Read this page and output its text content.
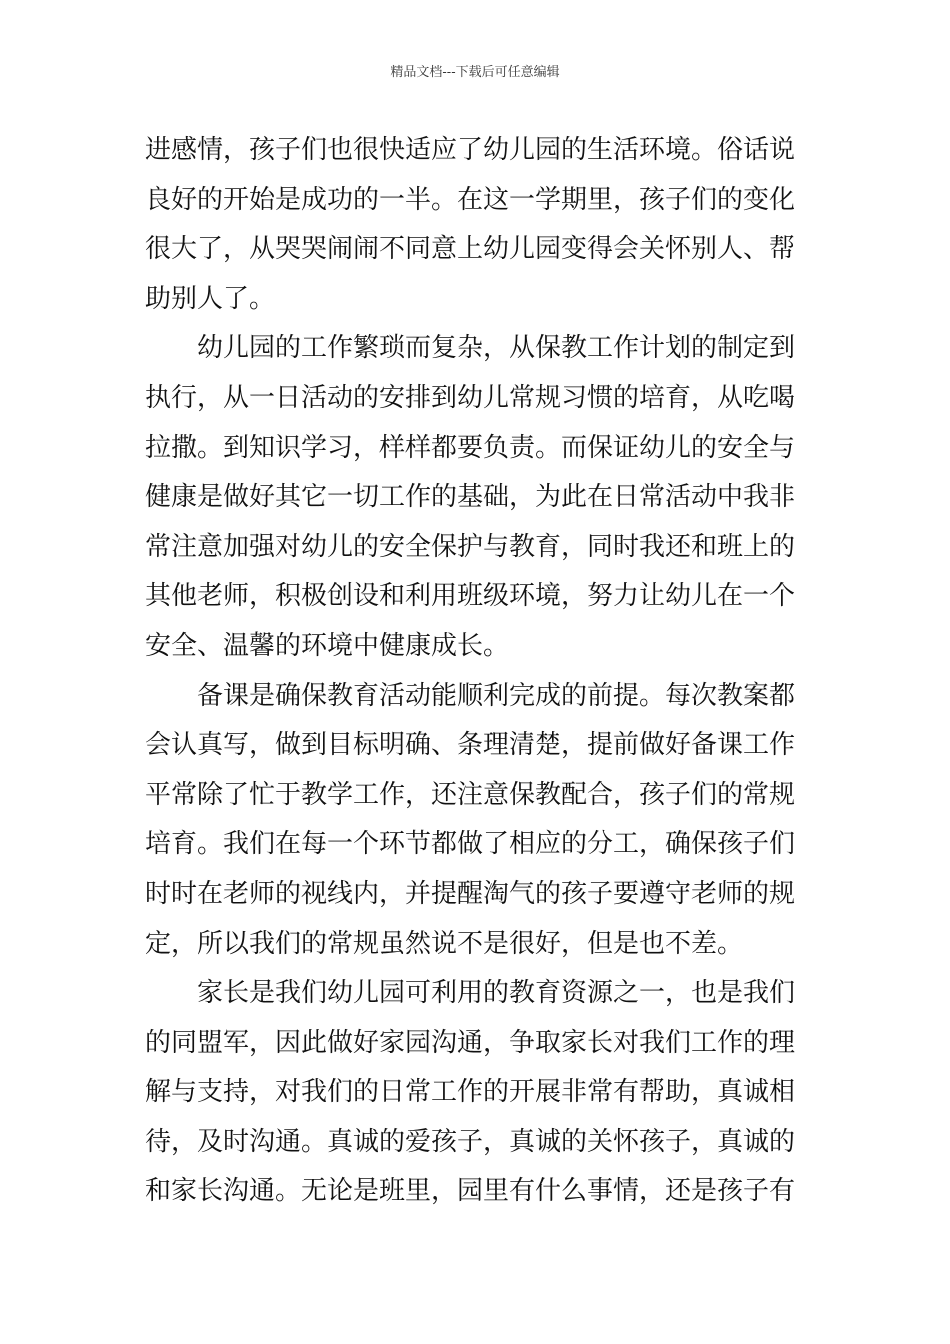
精品文档---下载后可任意编辑
进感情，孩子们也很快适应了幼儿园的生活环境。俗话说
良好的开始是成功的一半。在这一学期里，孩子们的变化
很大了，从哭哭闹闹不同意上幼儿园变得会关怀别人、帮
助别人了。
幼儿园的工作繁琐而复杂，从保教工作计划的制定到
执行，从一日活动的安排到幼儿常规习惯的培育，从吃喝
拉撒。到知识学习，样样都要负责。而保证幼儿的安全与
健康是做好其它一切工作的基础，为此在日常活动中我非
常注意加强对幼儿的安全保护与教育，同时我还和班上的
其他老师，积极创设和利用班级环境，努力让幼儿在一个
安全、温馨的环境中健康成长。
备课是确保教育活动能顺利完成的前提。每次教案都
会认真写，做到目标明确、条理清楚，提前做好备课工作
平常除了忙于教学工作，还注意保教配合，孩子们的常规
培育。我们在每一个环节都做了相应的分工，确保孩子们
时时在老师的视线内，并提醒淘气的孩子要遵守老师的规
定，所以我们的常规虽然说不是很好，但是也不差。
家长是我们幼儿园可利用的教育资源之一，也是我们
的同盟军，因此做好家园沟通，争取家长对我们工作的理
解与支持，对我们的日常工作的开展非常有帮助，真诚相
待，及时沟通。真诚的爱孩子，真诚的关怀孩子，真诚的
和家长沟通。无论是班里，园里有什么事情，还是孩子有
